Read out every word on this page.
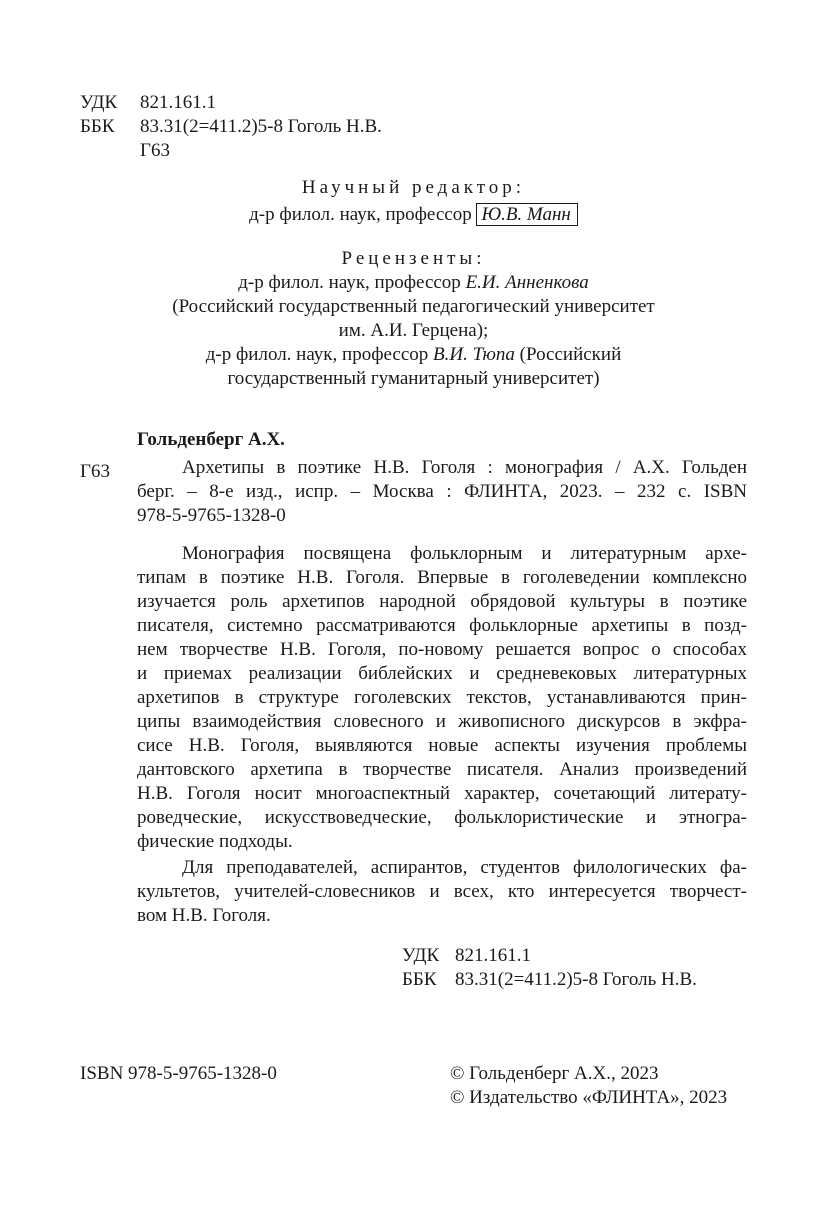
УДК 821.161.1
ББК 83.31(2=411.2)5-8 Гоголь Н.В.
Г63
Научный редактор:
д-р филол. наук, профессор Ю.В. Манн
Рецензенты:
д-р филол. наук, профессор Е.И. Анненкова
(Российский государственный педагогический университет
им. А.И. Герцена);
д-р филол. наук, профессор В.И. Тюпа (Российский
государственный гуманитарный университет)
Гольденберг А.Х.
Г63	Архетипы в поэтике Н.В. Гоголя : монография / А.Х. Гольден
берг. – 8-е изд., испр. – Москва : ФЛИНТА, 2023. – 232 с. ISBN
978-5-9765-1328-0
Монография посвящена фольклорным и литературным архе-
типам в поэтике Н.В. Гоголя. Впервые в гоголеведении комплексно
изучается роль архетипов народной обрядовой культуры в поэтике
писателя, системно рассматриваются фольклорные архетипы в позд-
нем творчестве Н.В. Гоголя, по-новому решается вопрос о способах
и приемах реализации библейских и средневековых литературных
архетипов в структуре гоголевских текстов, устанавливаются прин-
ципы взаимодействия словесного и живописного дискурсов в экфра-
сисе Н.В. Гоголя, выявляются новые аспекты изучения проблемы
дантовского архетипа в творчестве писателя. Анализ произведений
Н.В. Гоголя носит многоаспектный характер, сочетающий литерату-
роведческие, искусствоведческие, фольклористические и этногра-
фические подходы.
Для преподавателей, аспирантов, студентов филологических фа-
культетов, учителей-словесников и всех, кто интересуется творчест-
вом Н.В. Гоголя.
УДК 821.161.1
ББК 83.31(2=411.2)5-8 Гоголь Н.В.
ISBN 978-5-9765-1328-0	© Гольденберг А.Х., 2023
© Издательство «ФЛИНТА», 2023
